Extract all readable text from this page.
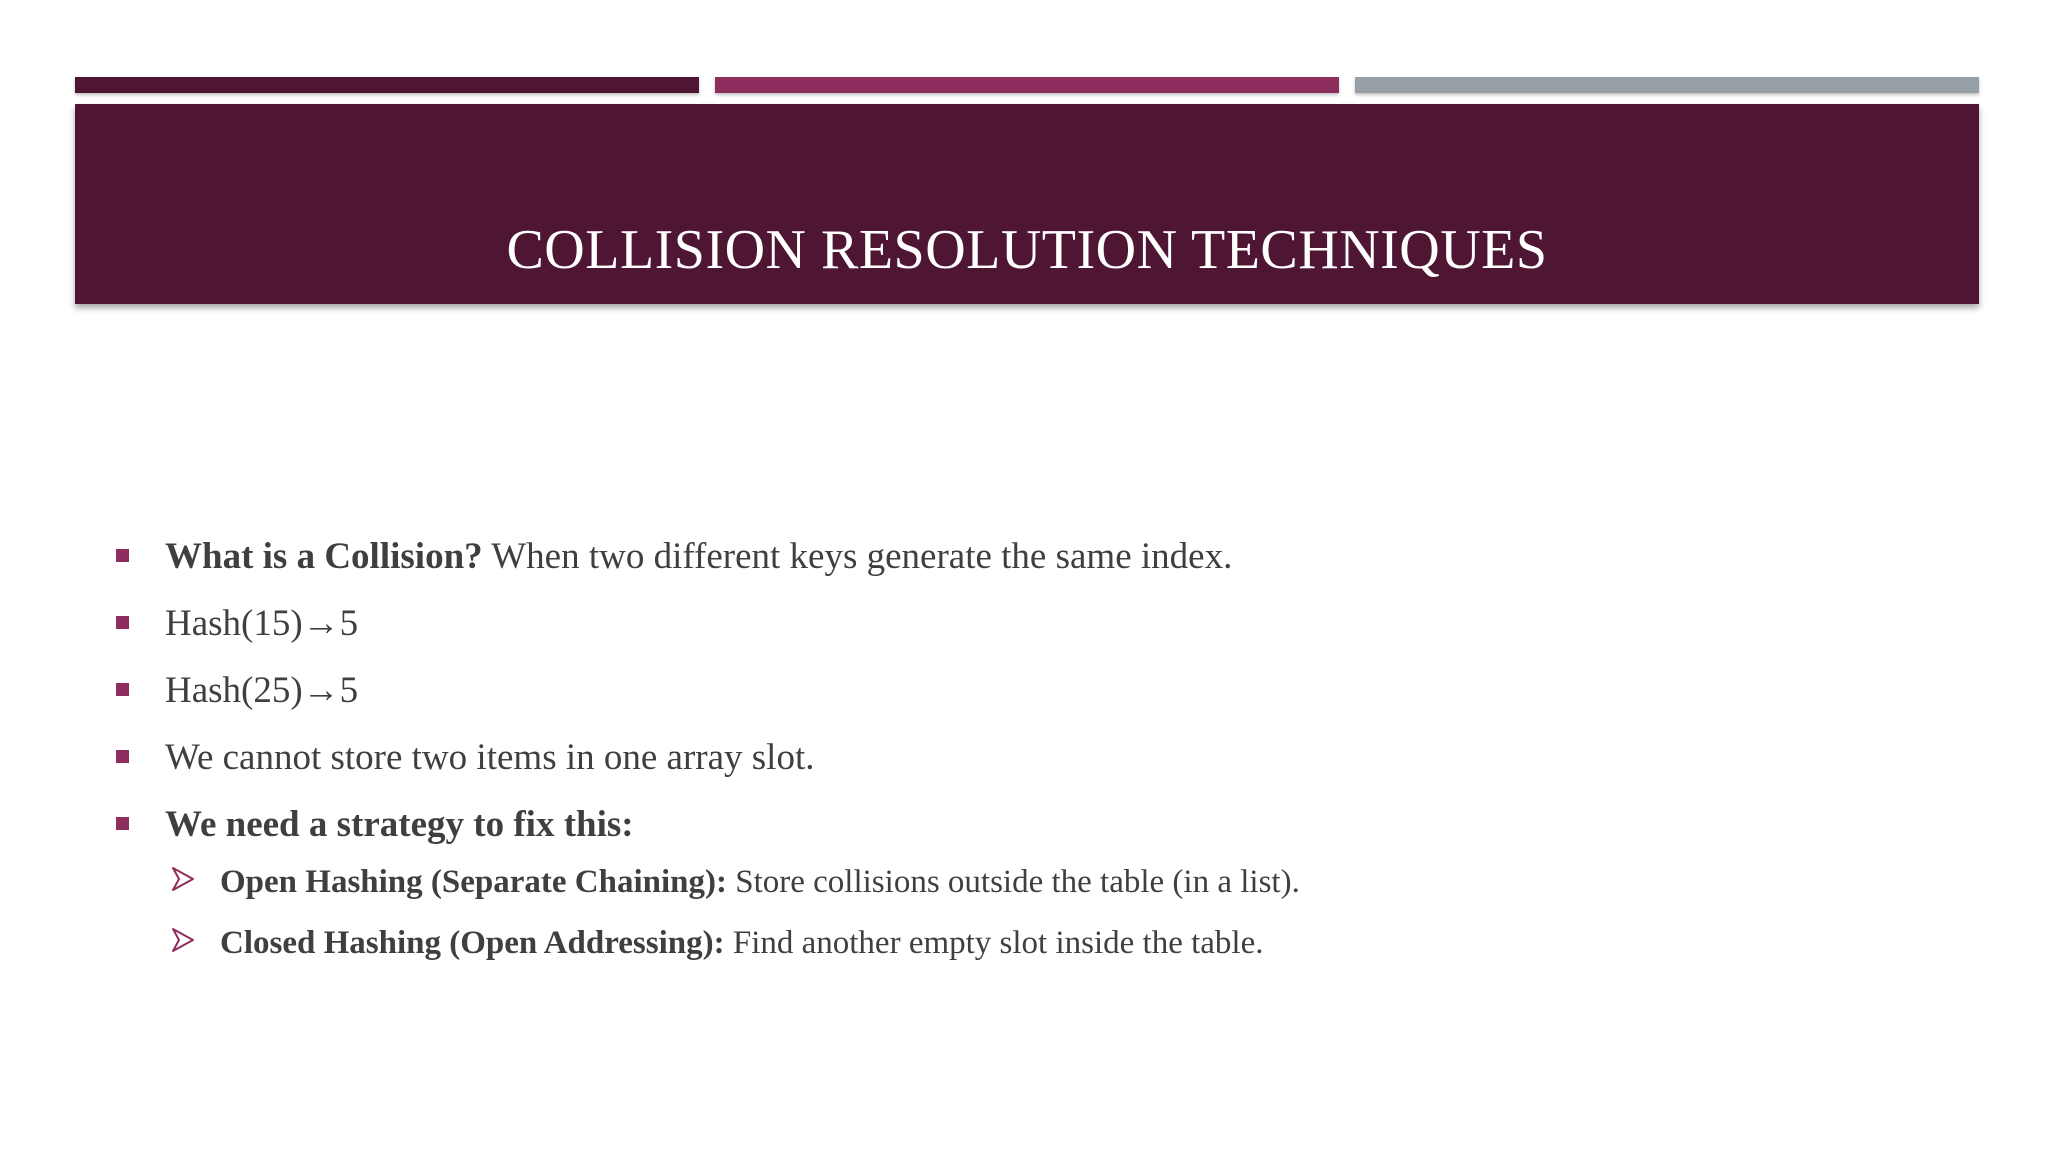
COLLISION RESOLUTION TECHNIQUES
What is a Collision? When two different keys generate the same index.
Hash(15)→5
Hash(25)→5
We cannot store two items in one array slot.
We need a strategy to fix this:
Open Hashing (Separate Chaining): Store collisions outside the table (in a list).
Closed Hashing (Open Addressing): Find another empty slot inside the table.
